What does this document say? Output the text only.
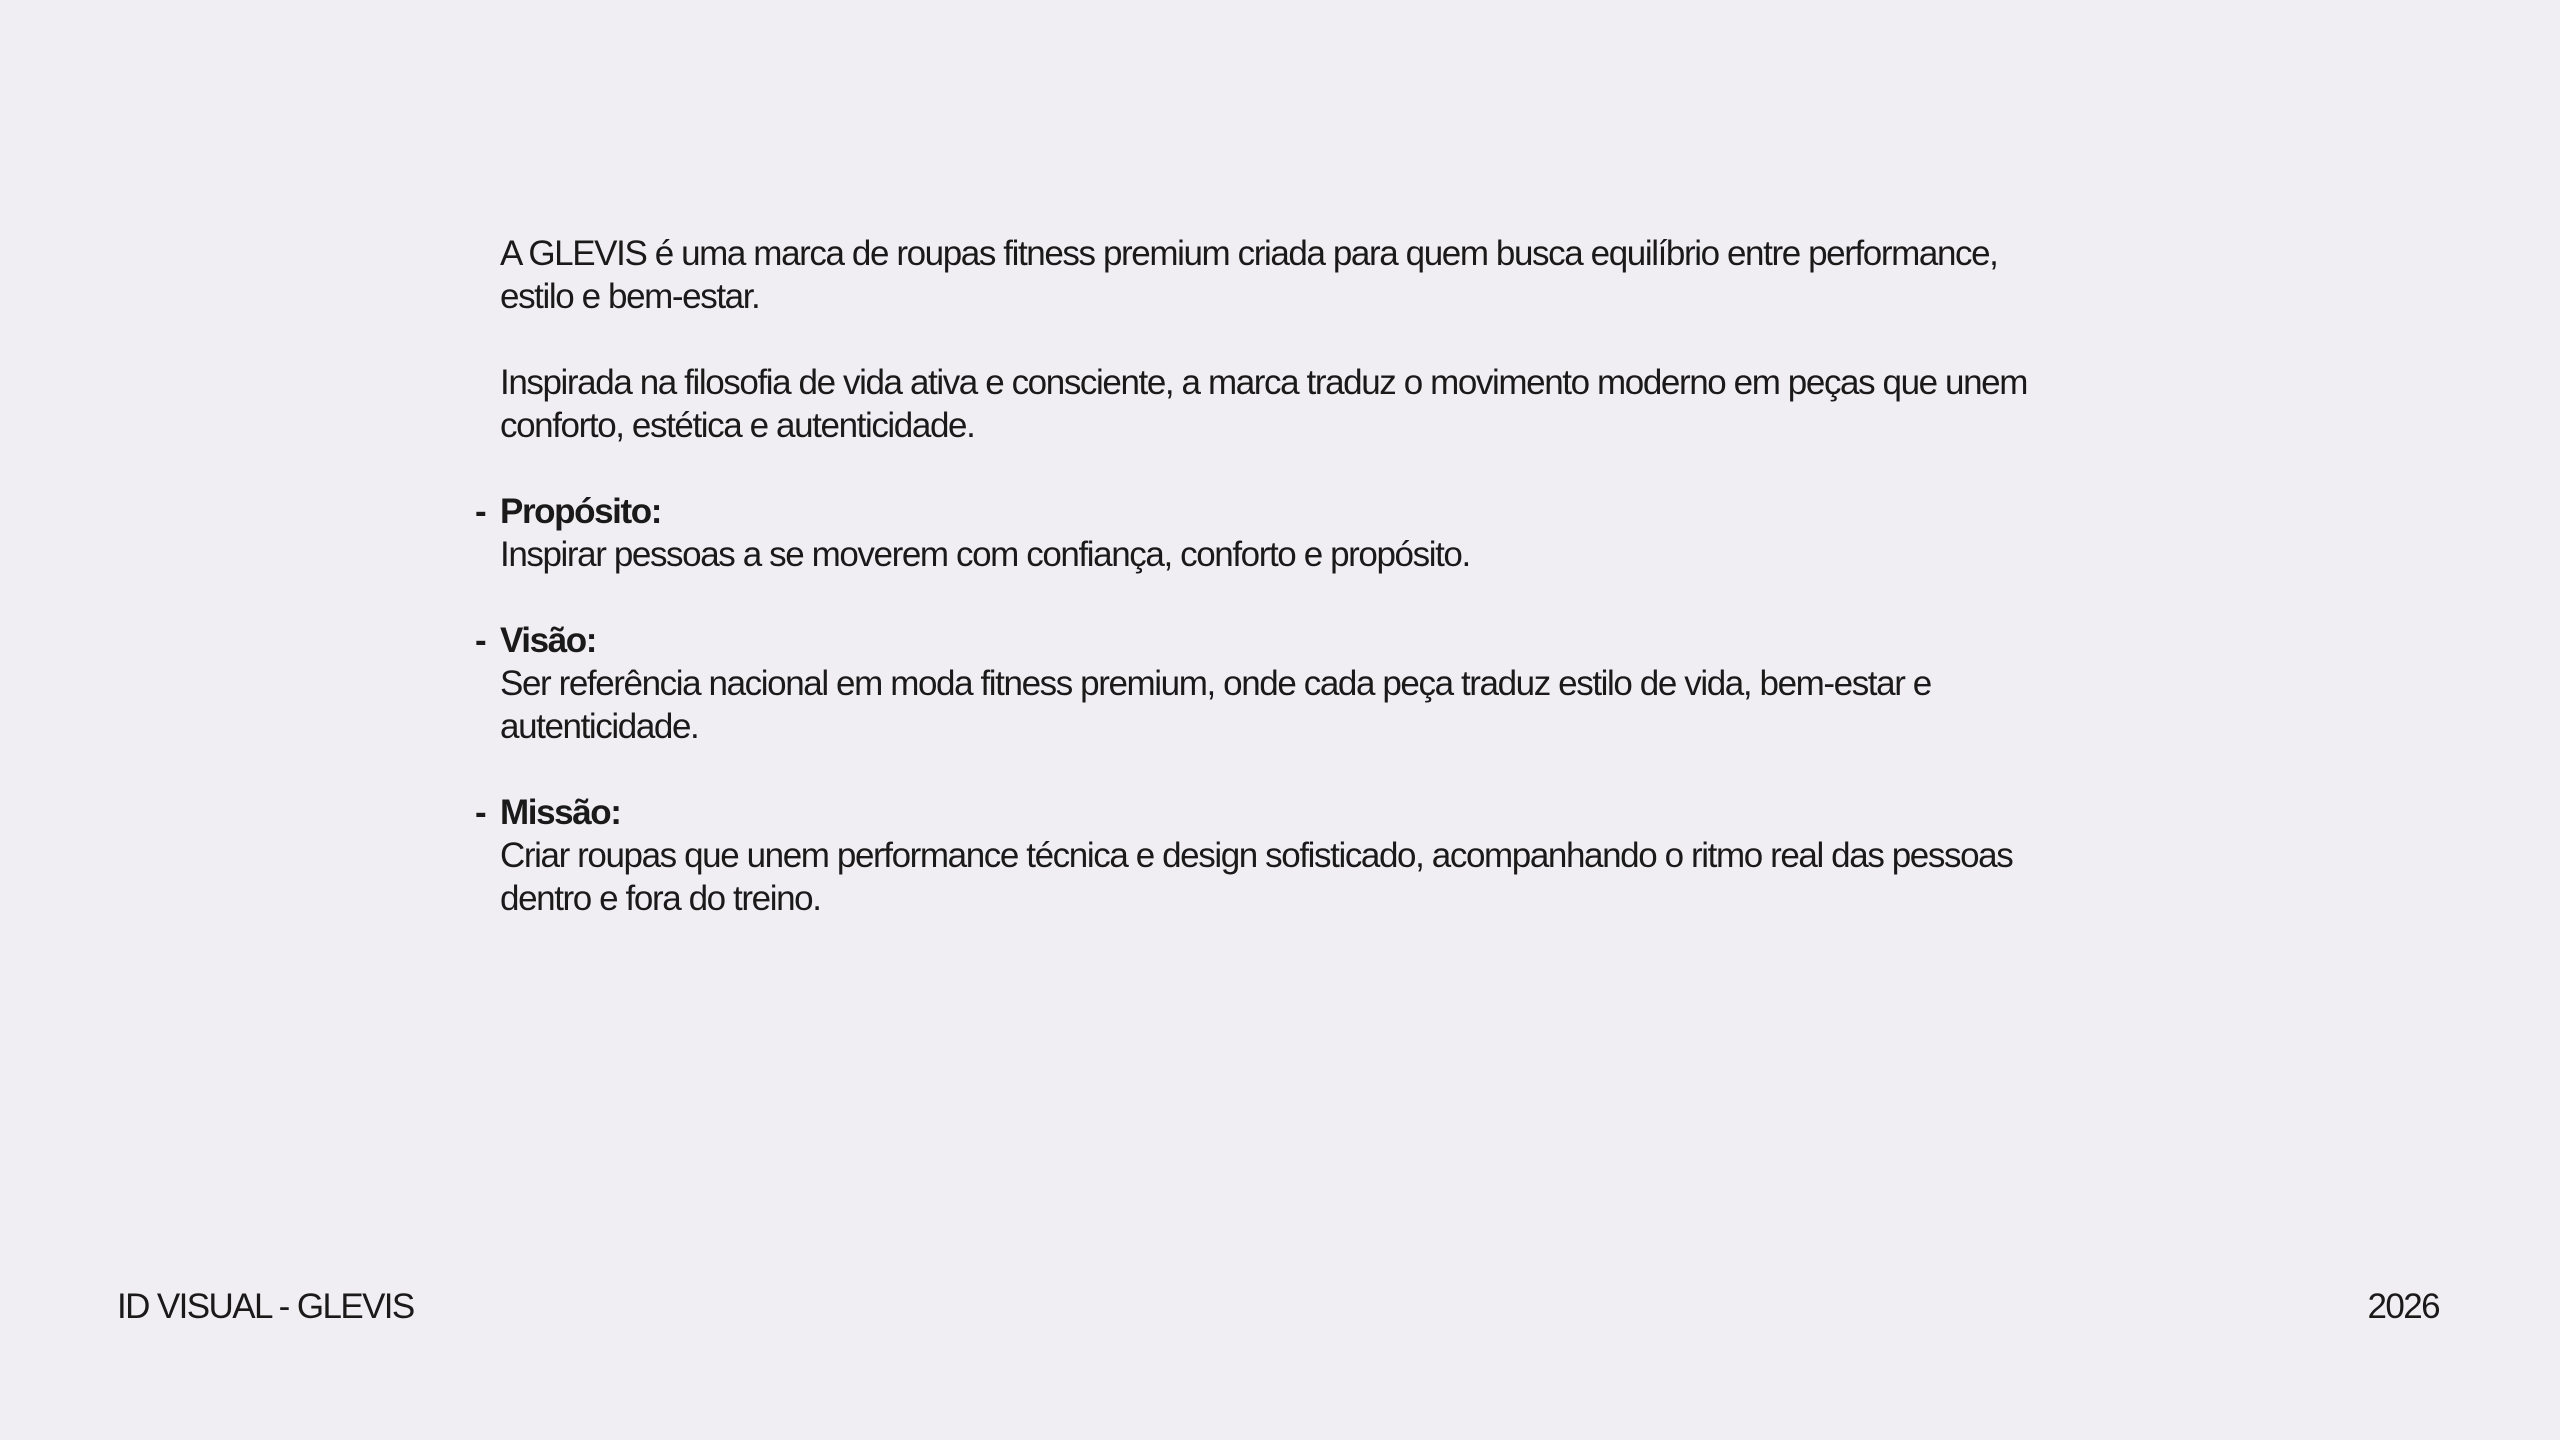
A GLEVIS é uma marca de roupas fitness premium criada para quem busca equilíbrio entre performance, estilo e bem-estar.

Inspirada na filosofia de vida ativa e consciente, a marca traduz o movimento moderno em peças que unem conforto, estética e autenticidade.

- Propósito:
Inspirar pessoas a se moverem com confiança, conforto e propósito.
- Visão:
Ser referência nacional em moda fitness premium, onde cada peça traduz estilo de vida, bem-estar e autenticidade.
- Missão:
Criar roupas que unem performance técnica e design sofisticado, acompanhando o ritmo real das pessoas dentro e fora do treino.
ID VISUAL - GLEVIS	2026
